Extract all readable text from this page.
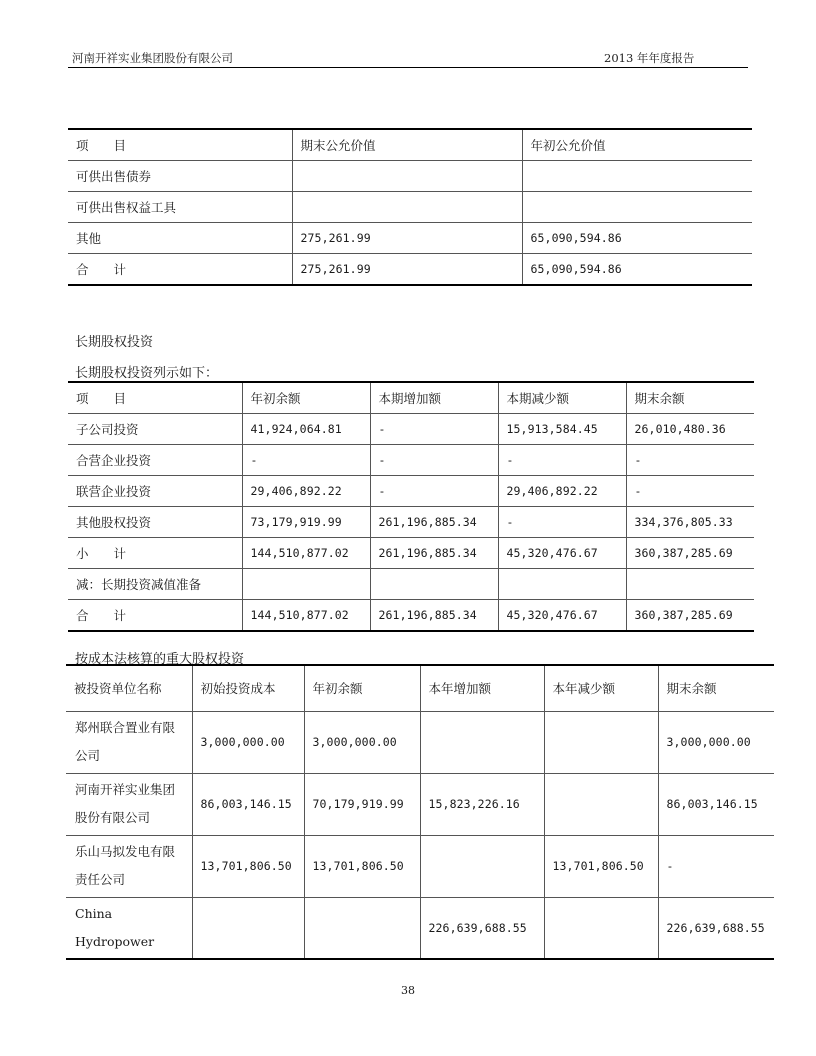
河南开祥实业集团股份有限公司	2013 年年度报告
项　　目	期末公允价值	年初公允价值
可供出售债券		
可供出售权益工具		
其他	275,261.99	65,090,594.86
合　　计	275,261.99	65,090,594.86
长期股权投资
长期股权投资列示如下：
项　　目	年初余额	本期增加额	本期减少额	期末余额
子公司投资	41,924,064.81	-	15,913,584.45	26,010,480.36
合营企业投资	-	-	-	-
联营企业投资	29,406,892.22	-	29,406,892.22	-
其他股权投资	73,179,919.99	261,196,885.34	-	334,376,805.33
小　　计	144,510,877.02	261,196,885.34	45,320,476.67	360,387,285.69
减：长期投资减值准备				
合　　计	144,510,877.02	261,196,885.34	45,320,476.67	360,387,285.69
按成本法核算的重大股权投资
被投资单位名称	初始投资成本	年初余额	本年增加额	本年减少额	期末余额
郑州联合置业有限公司	3,000,000.00	3,000,000.00			3,000,000.00
河南开祥实业集团股份有限公司	86,003,146.15	70,179,919.99	15,823,226.16		86,003,146.15
乐山马拟发电有限责任公司	13,701,806.50	13,701,806.50		13,701,806.50	-
China Hydropower			226,639,688.55		226,639,688.55
38
